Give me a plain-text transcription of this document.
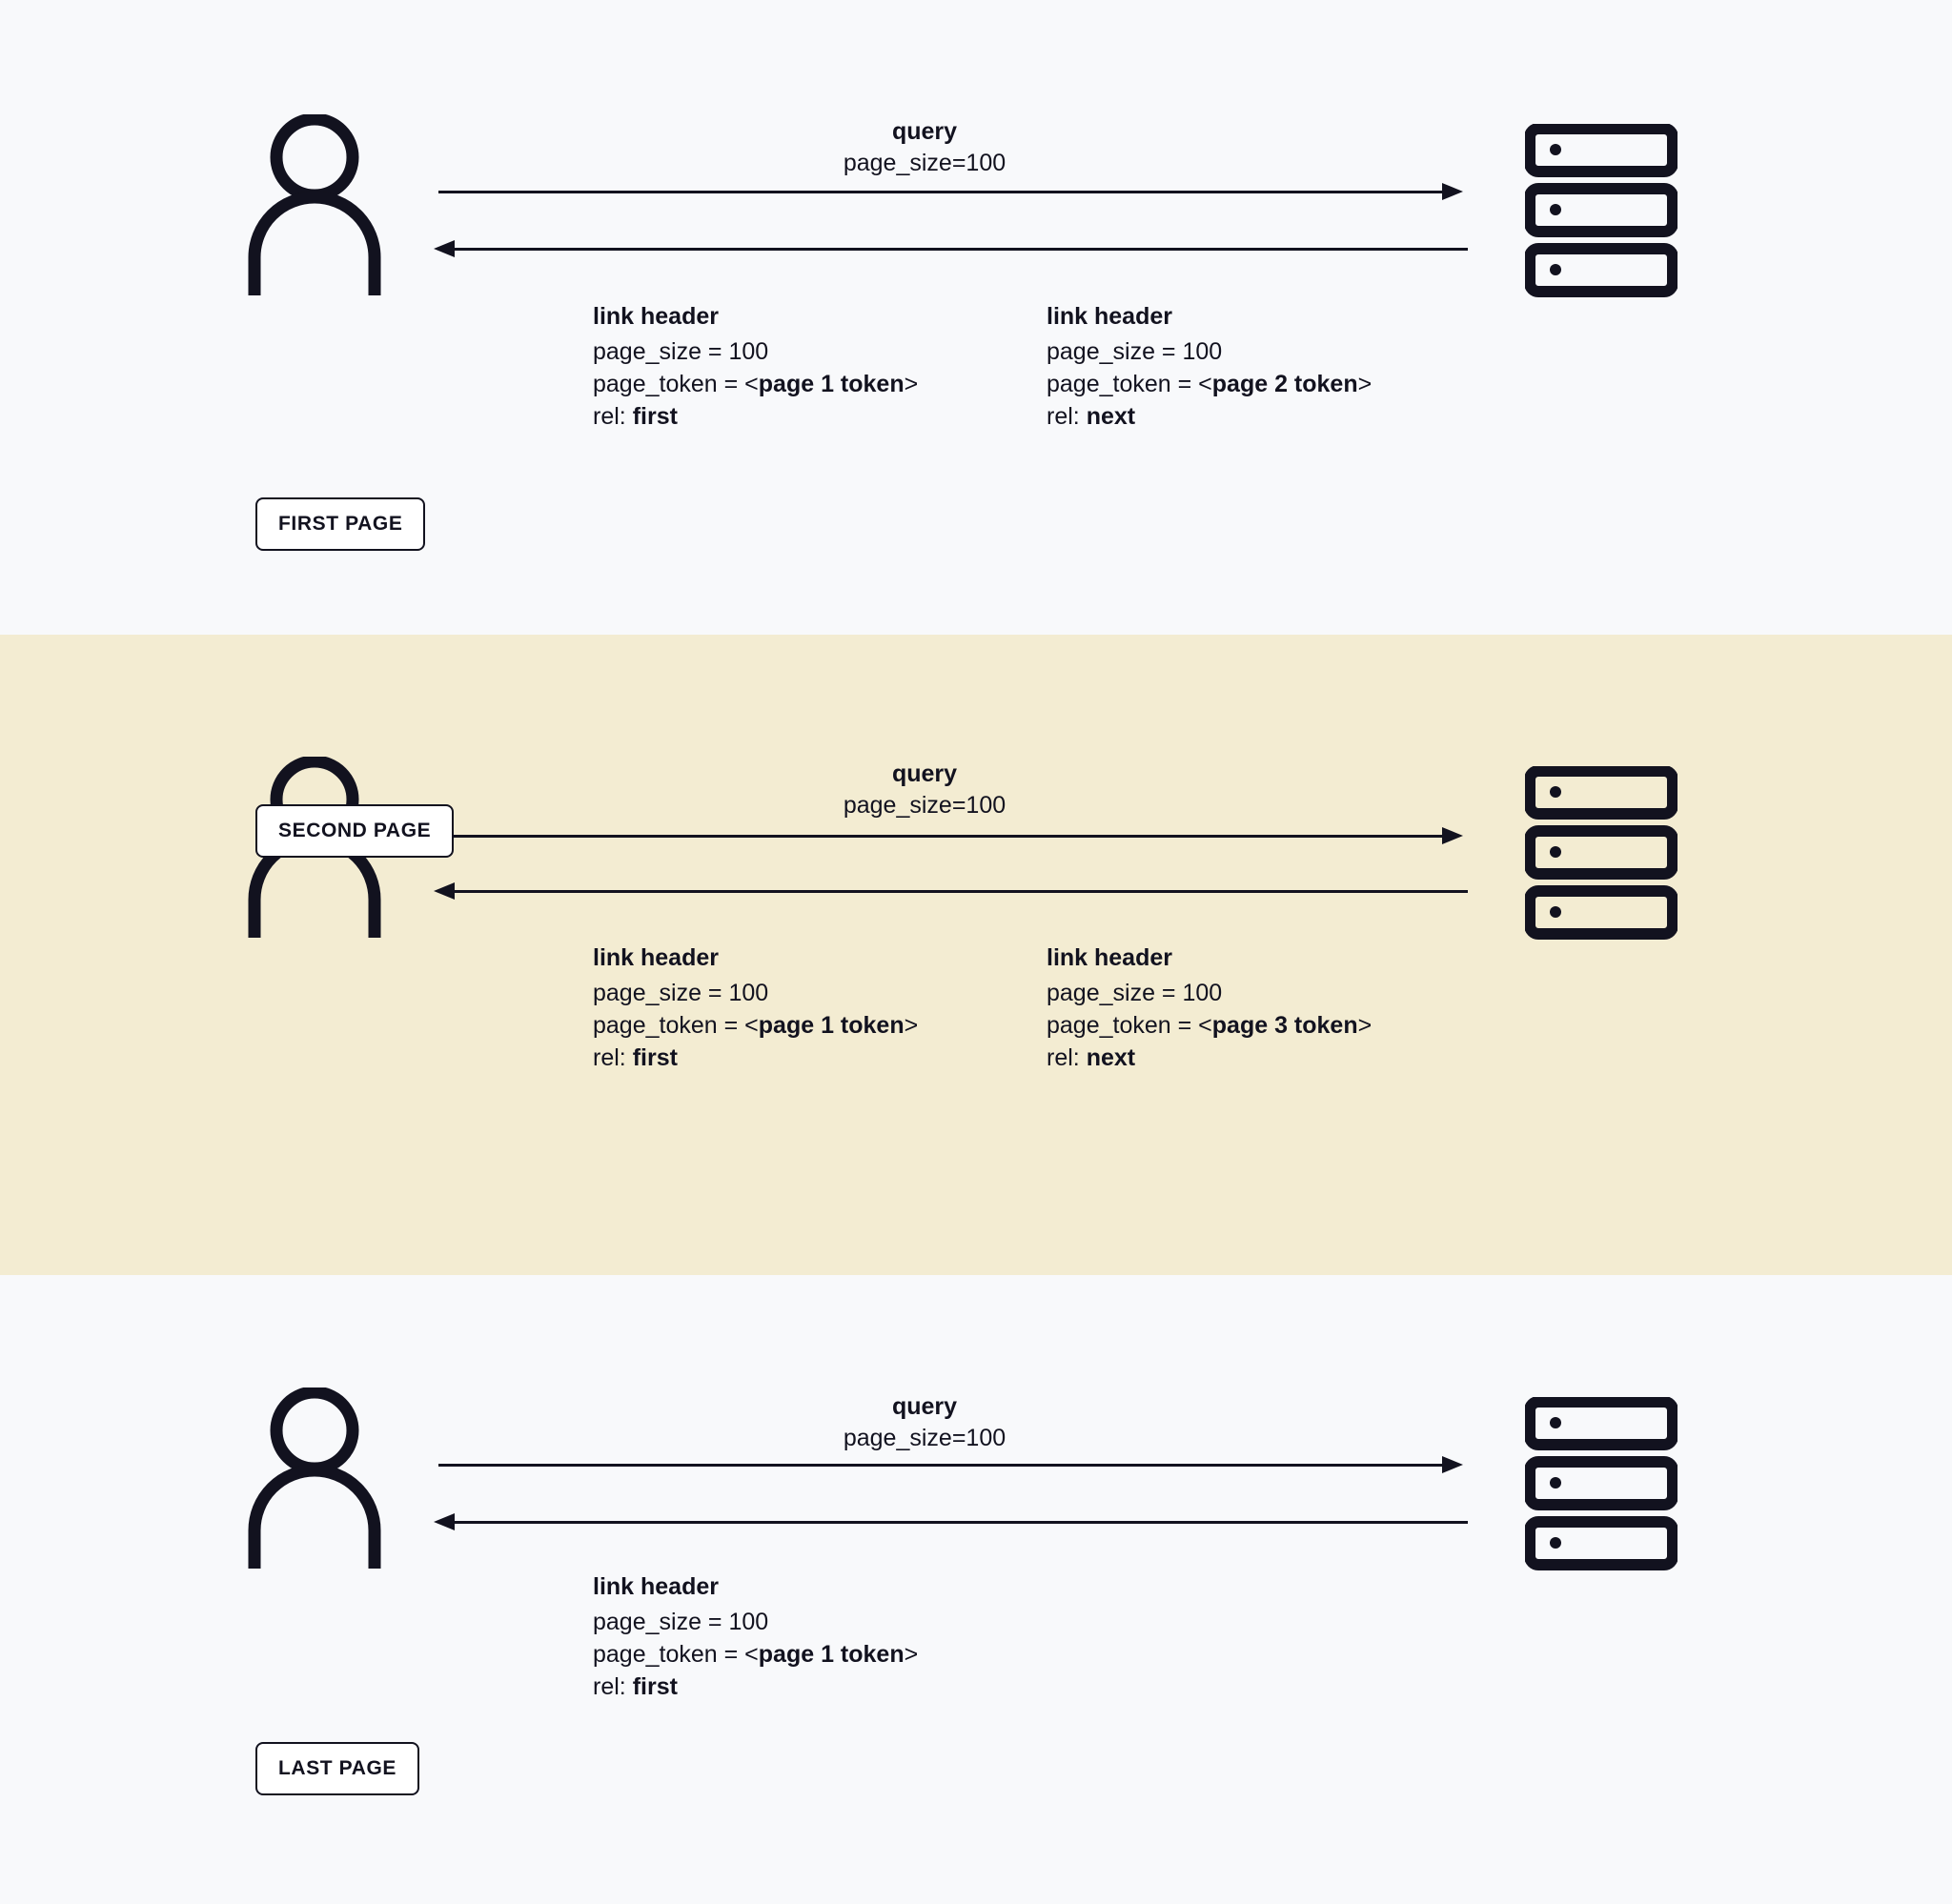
query
page_size=100
link header
page_size = 100
page_token = <page 1 token>
rel: first
link header
page_size = 100
page_token = <page 2 token>
rel: next
FIRST PAGE
query
page_size=100
link header
page_size = 100
page_token = <page 1 token>
rel: first
link header
page_size = 100
page_token = <page 3 token>
rel: next
SECOND PAGE
query
page_size=100
link header
page_size = 100
page_token = <page 1 token>
rel: first
LAST PAGE
